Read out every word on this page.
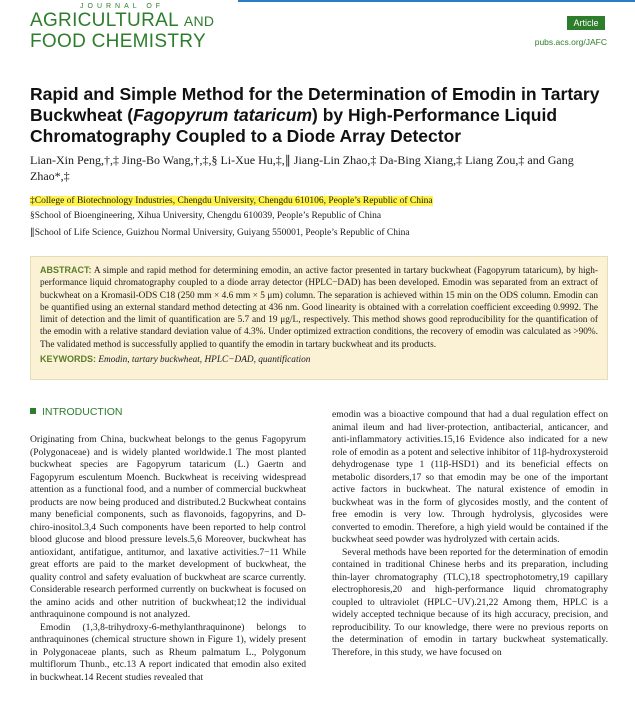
JOURNAL OF
AGRICULTURAL AND
FOOD CHEMISTRY
Article
pubs.acs.org/JAFC
Rapid and Simple Method for the Determination of Emodin in Tartary Buckwheat (Fagopyrum tataricum) by High-Performance Liquid Chromatography Coupled to a Diode Array Detector
Lian-Xin Peng,†,‡ Jing-Bo Wang,†,‡,§ Li-Xue Hu,‡,∥ Jiang-Lin Zhao,‡ Da-Bing Xiang,‡ Liang Zou,‡ and Gang Zhao*,‡
‡College of Biotechnology Industries, Chengdu University, Chengdu 610106, People’s Republic of China
§School of Bioengineering, Xihua University, Chengdu 610039, People’s Republic of China
∥School of Life Science, Guizhou Normal University, Guiyang 550001, People’s Republic of China
ABSTRACT: A simple and rapid method for determining emodin, an active factor presented in tartary buckwheat (Fagopyrum tataricum), by high-performance liquid chromatography coupled to a diode array detector (HPLC−DAD) has been developed. Emodin was separated from an extract of buckwheat on a Kromasil-ODS C18 (250 mm × 4.6 mm × 5 μm) column. The separation is achieved within 15 min on the ODS column. Emodin can be quantified using an external standard method detecting at 436 nm. Good linearity is obtained with a correlation coefficient exceeding 0.9992. The limit of detection and the limit of quantification are 5.7 and 19 μg/L, respectively. This method shows good reproducibility for the quantification of the emodin with a relative standard deviation value of 4.3%. Under optimized extraction conditions, the recovery of emodin was calculated as >90%. The validated method is successfully applied to quantify the emodin in tartary buckwheat and its products.
KEYWORDS: Emodin, tartary buckwheat, HPLC−DAD, quantification
INTRODUCTION

Originating from China, buckwheat belongs to the genus Fagopyrum (Polygonaceae) and is widely planted worldwide.1 The most planted buckwheat species are Fagopyrum tataricum (L.) Gaertn and Fagopyrum esculentum Moench. Buckwheat is receiving widespread attention as a functional food, and a number of commercial buckwheat products are now being produced and distributed.2 Buckwheat contains many beneficial components, such as flavonoids, fagopyrins, and D-chiro-inositol.3,4 Such components have been reported to help control blood glucose and blood pressure levels.5,6 Moreover, buckwheat has antioxidant, antifatigue, antitumor, and laxative activities.7−11 While great efforts are paid to the market development of buckwheat, the quality control and safety evaluation of buckwheat are scarce currently. Considerable research performed currently on buckwheat is focused on the amino acids and other nutrition of buckwheat;12 the individual anthraquinone compound is not analyzed.

Emodin (1,3,8-trihydroxy-6-methylanthraquinone) belongs to anthraquinones (chemical structure shown in Figure 1), widely present in Polygonaceae plants, such as Rheum palmatum L., Polygonum multiflorum Thunb., etc.13 A report indicated that emodin also exited in buckwheat.14 Recent studies revealed that

emodin was a bioactive compound that had a dual regulation effect on animal ileum and had liver-protection, antibacterial, anticancer, and anti-inflammatory activities.15,16 Evidence also indicated for a new role of emodin as a potent and selective inhibitor of 11β-hydroxysteroid dehydrogenase type 1 (11β-HSD1) and its beneficial effects on metabolic disorders,17 so that emodin may be one of the important active factors in buckwheat. The natural existence of emodin in buckwheat was in the form of glycosides mostly, and the content of free emodin is very low. Through hydrolysis, glycosides were converted to emodin. Therefore, a high yield would be contained if the buckwheat seed powder was hydrolyzed with certain acids.

Several methods have been reported for the determination of emodin contained in traditional Chinese herbs and its preparation, including thin-layer chromatography (TLC),18 spectrophotometry,19 capillary electrophoresis,20 and high-performance liquid chromatography coupled to ultraviolet (HPLC−UV).21,22 Among them, HPLC is a widely accepted technique because of its high accuracy, precision, and reproducibility. To our knowledge, there were no previous reports on the determination of emodin in tartary buckwheat systematically. Therefore, in this study, we have focused on
